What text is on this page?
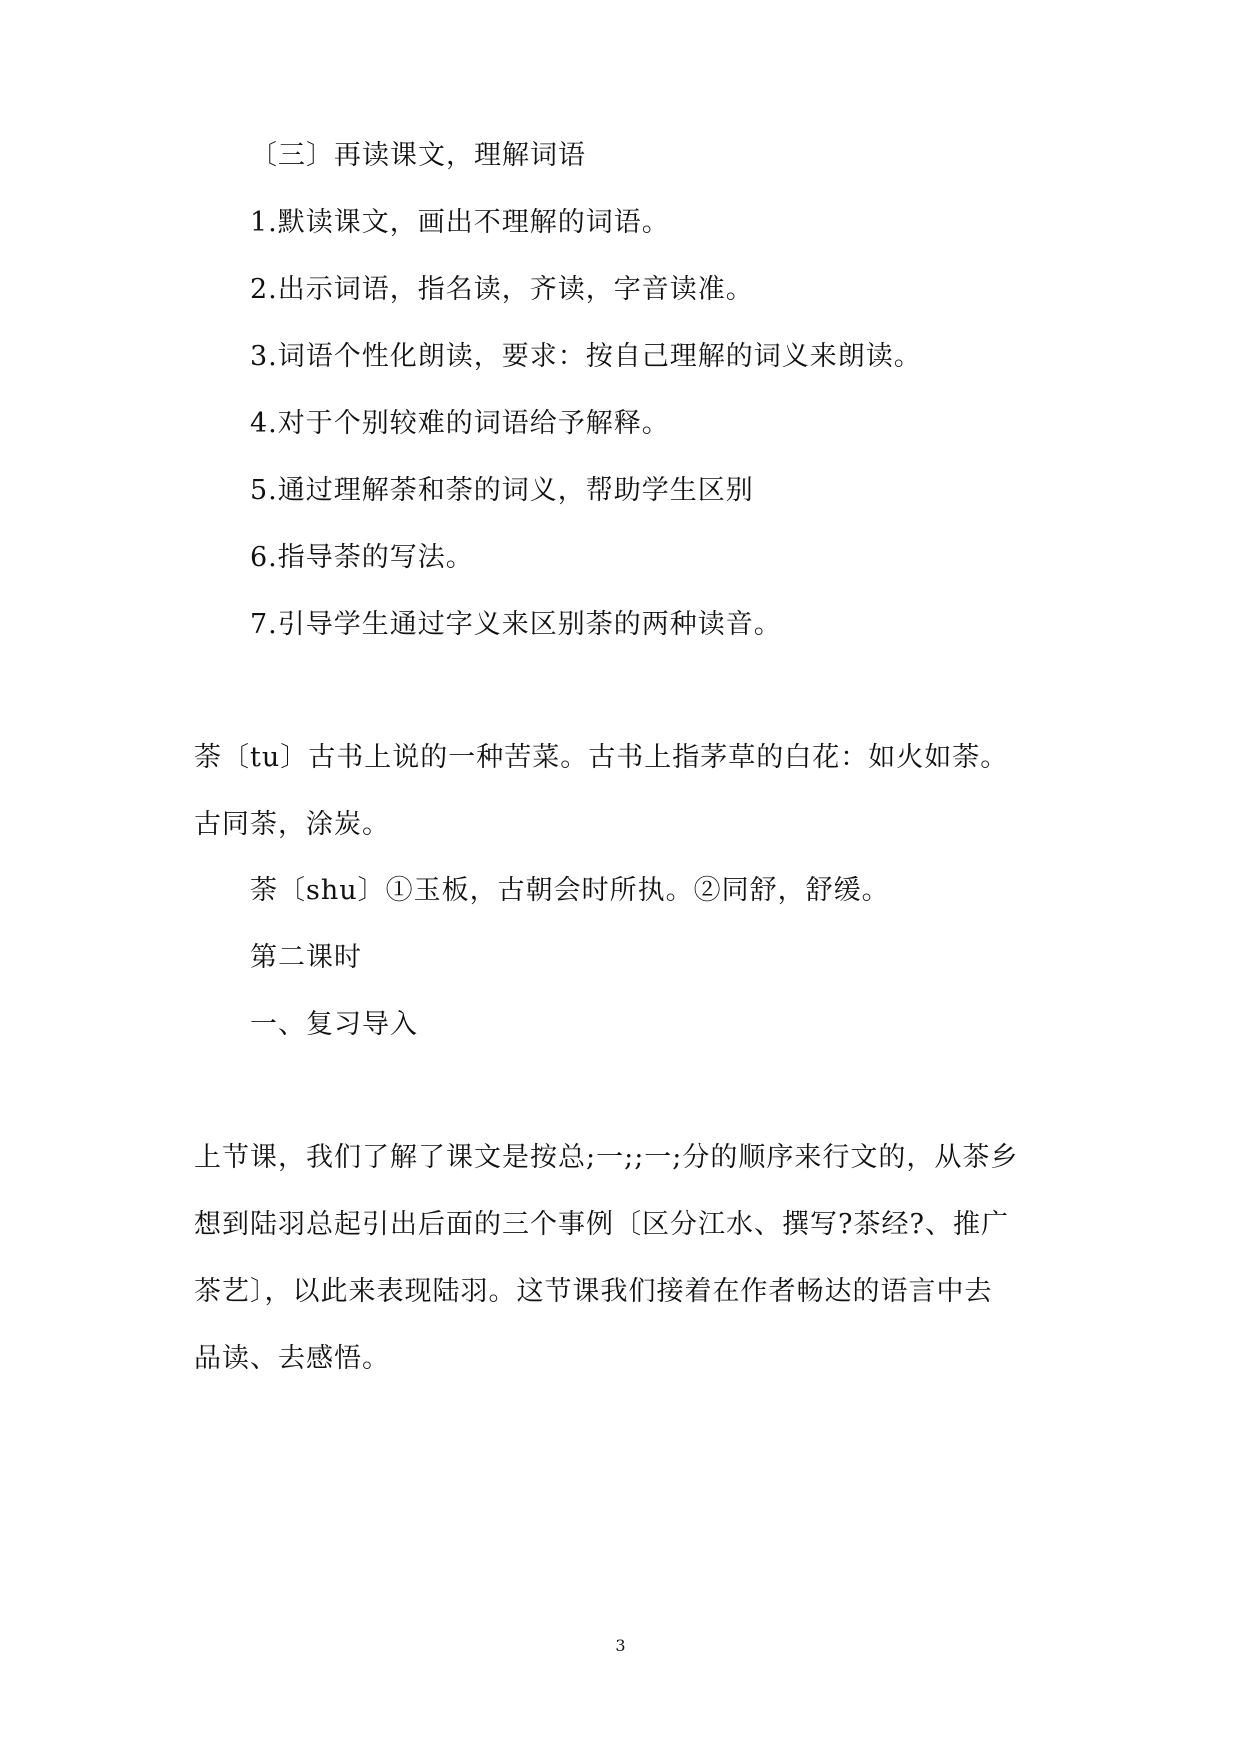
〔三〕再读课文，理解词语
1.默读课文，画出不理解的词语。
2.出示词语，指名读，齐读，字音读准。
3.词语个性化朗读，要求：按自己理解的词义来朗读。
4.对于个别较难的词语给予解释。
5.通过理解荼和荼的词义，帮助学生区别
6.指导荼的写法。
7.引导学生通过字义来区别荼的两种读音。
荼〔tu〕古书上说的一种苦菜。古书上指茅草的白花：如火如荼。
古同荼，涂炭。
荼〔shu〕①玉板，古朝会时所执。②同舒，舒缓。
第二课时
一、复习导入
上节课，我们了解了课文是按总;一;;一;分的顺序来行文的，从茶乡
想到陆羽总起引出后面的三个事例〔区分江水、撰写?茶经?、推广
茶艺〕，以此来表现陆羽。这节课我们接着在作者畅达的语言中去
品读、去感悟。
3
